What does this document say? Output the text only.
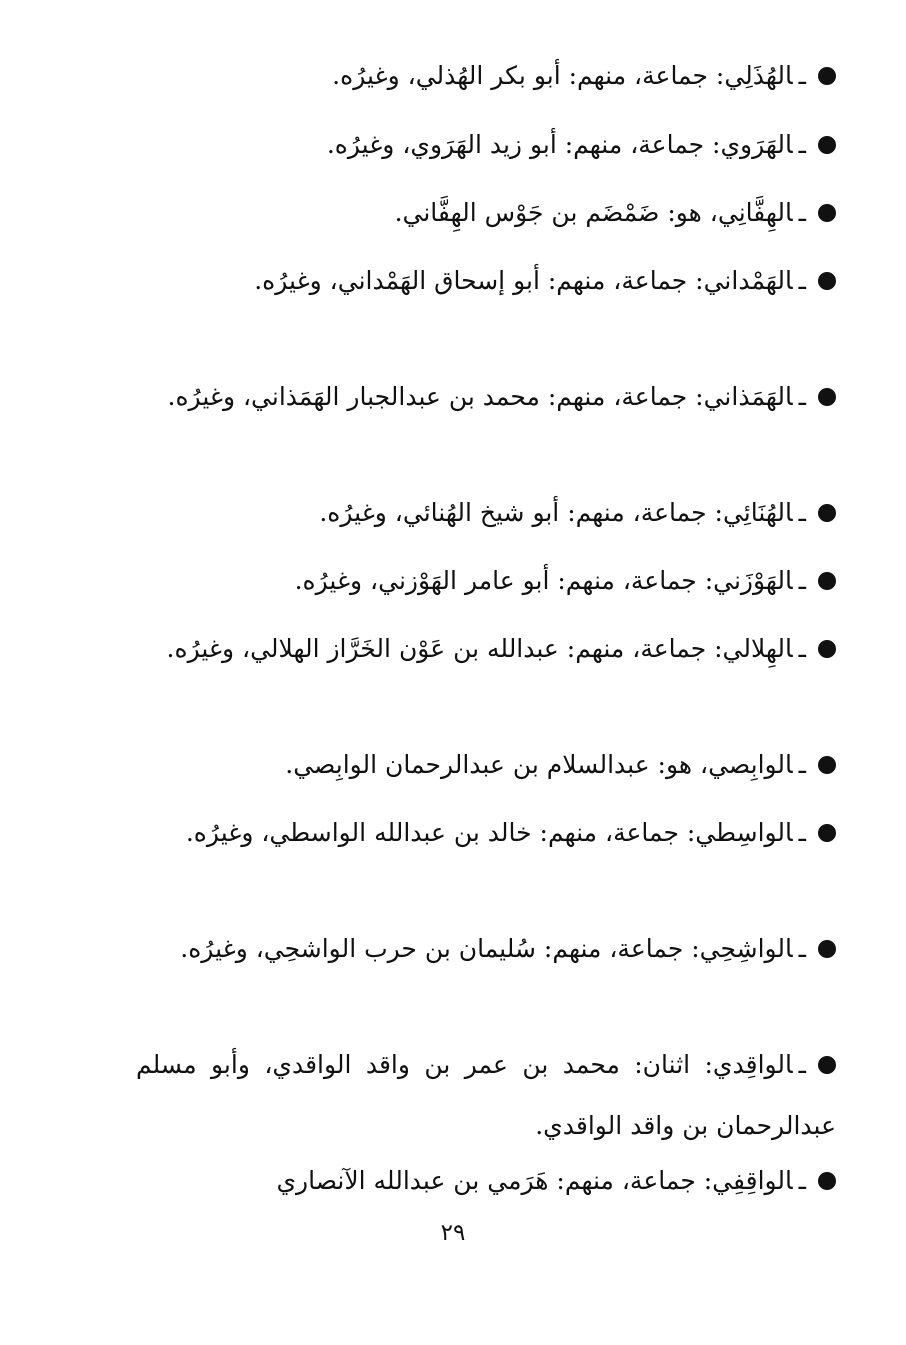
ـالهُذَلِي: جماعة، منهم: أبو بكر الهُذلي، وغيرُه.

ـالهَرَوي: جماعة، منهم: أبو زيد الهَرَوي، وغيرُه.

ـالهِفَّانِي، هو: ضَمْضَم بن جَوْس الهِفَّاني.

ـالهَمْداني: جماعة، منهم: أبو إسحاق الهَمْداني، وغيرُه.

ـالهَمَذاني: جماعة، منهم: محمد بن عبدالجبار الهَمَذاني، وغيرُه.

ـالهُنَائِي: جماعة، منهم: أبو شيخ الهُنائي، وغيرُه.

ـالهَوْزَني: جماعة، منهم: أبو عامر الهَوْزني، وغيرُه.

ـالهِلالي: جماعة، منهم: عبدالله بن عَوْن الخَرَّاز الهلالي، وغيرُه.

ـالوابِصي، هو: عبدالسلام بن عبدالرحمان الوابِصي.

ـالواسِطي: جماعة، منهم: خالد بن عبدالله الواسطي، وغيرُه.

ـالواشِحِي: جماعة، منهم: سُليمان بن حرب الواشحِي، وغيرُه.

ـالواقِدي: اثنان: محمد بن عمر بن واقد الواقدي، وأبو مسلم عبدالرحمان بن واقد الواقدي.

ـالواقِفِي: جماعة، منهم: هَرَمي بن عبدالله الآنصاري

٢٩
